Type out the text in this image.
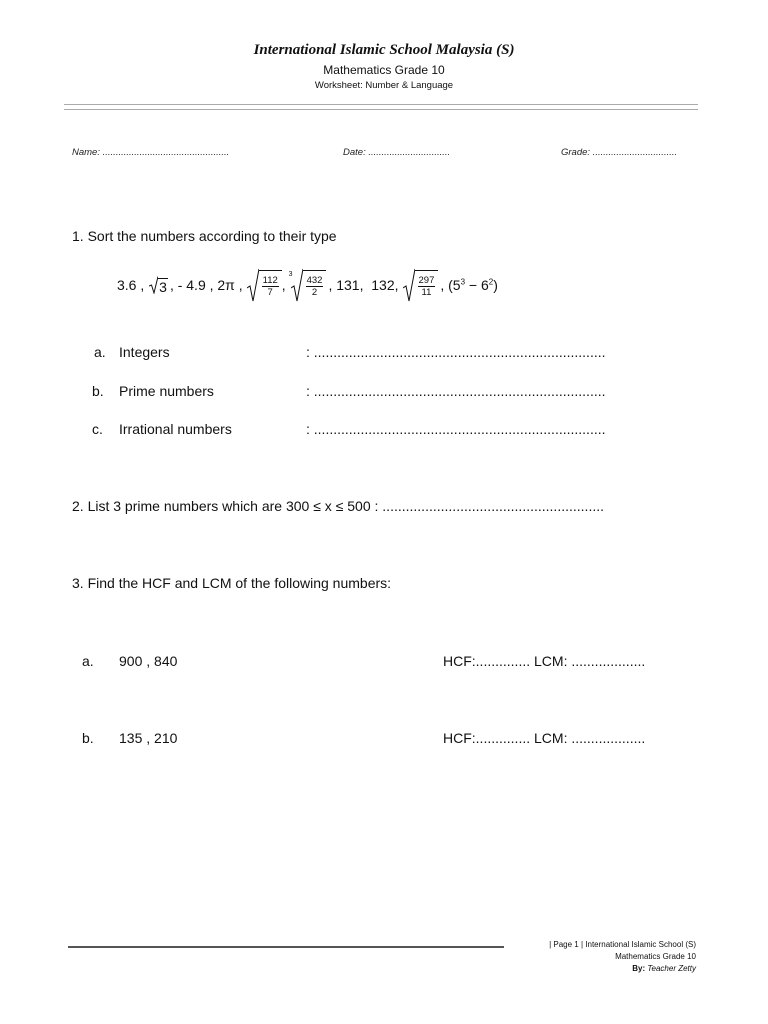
International Islamic School Malaysia (S)
Mathematics Grade 10
Worksheet: Number & Language
Name: ................................................	Date: ...............................	Grade: ................................
1. Sort the numbers according to their type
3.6 , 3 , - 4.9 , 2π , $\frac{112}{7}$ ,
3
$\frac{432}{2}$ , 131,  132, $\frac{297}{11}$ , $(5^3 - 6^2)$
a. Integers	: ...........................................................................
b. Prime numbers	: ...........................................................................
c. Irrational numbers	: ...........................................................................
2. List 3 prime numbers which are 300 ≤ x ≤ 500 : .........................................................
3. Find the HCF and LCM of the following numbers:
a. 900 , 840	HCF:.............. LCM: ...................
b. 135 , 210	HCF:.............. LCM: ...................
| Page 1 | International Islamic School (S)
Mathematics Grade 10
By: Teacher Zetty
